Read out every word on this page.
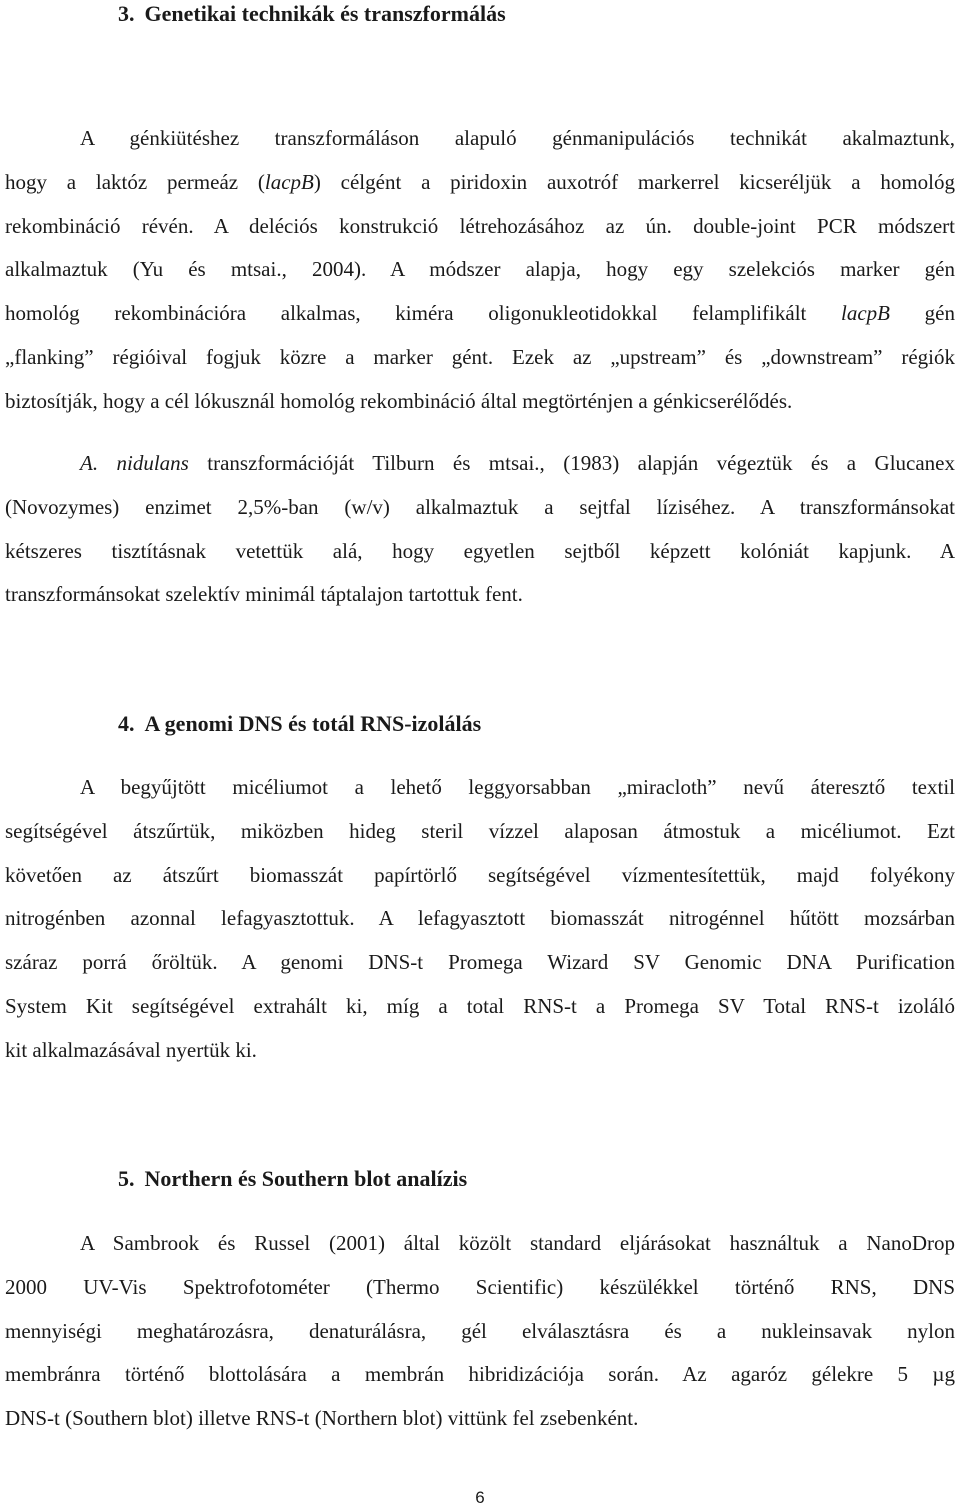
3. Genetikai technikák és transzformálás
A génkiütéshez transzformáláson alapuló génmanipulációs technikát akalmaztunk,
hogy a laktóz permeáz (lacpB) célgént a piridoxin auxotróf markerrel kicseréljük a homológ
rekombináció révén. A deléciós konstrukció létrehozásához az ún. double-joint PCR módszert
alkalmaztuk (Yu és mtsai., 2004). A módszer alapja, hogy egy szelekciós marker gén
homológ rekombinációra alkalmas, kiméra oligonukleotidokkal felamplifikált lacpB gén
„flanking” régióival fogjuk közre a marker gént. Ezek az „upstream” és „downstream” régiók
biztosítják, hogy a cél lókusznál homológ rekombináció által megtörténjen a génkicserélődés.
A. nidulans transzformációját Tilburn és mtsai., (1983) alapján végeztük és a Glucanex
(Novozymes) enzimet 2,5%-ban (w/v) alkalmaztuk a sejtfal líziséhez. A transzformánsokat
kétszeres tisztításnak vetettük alá, hogy egyetlen sejtből képzett kolóniát kapjunk. A
transzformánsokat szelektív minimál táptalajon tartottuk fent.
4. A genomi DNS és totál RNS-izolálás
A begyűjtött micéliumot a lehető leggyorsabban „miracloth” nevű áteresztő textil
segítségével átszűrtük, miközben hideg steril vízzel alaposan átmostuk a micéliumot. Ezt
követően az átszűrt biomasszát papírtörlő segítségével vízmentesítettük, majd folyékony
nitrogénben azonnal lefagyasztottuk. A lefagyasztott biomasszát nitrogénnel hűtött mozsárban
száraz porrá őröltük. A genomi DNS-t Promega Wizard SV Genomic DNA Purification
System Kit segítségével extrahált ki, míg a total RNS-t a Promega SV Total RNS-t izoláló
kit alkalmazásával nyertük ki.
5. Northern és Southern blot analízis
A Sambrook és Russel (2001) által közölt standard eljárásokat használtuk a NanoDrop
2000 UV-Vis Spektrofotométer (Thermo Scientific) készülékkel történő RNS, DNS
mennyiségi meghatározásra, denaturálásra, gél elválasztásra és a nukleinsavak nylon
membránra történő blottolására a membrán hibridizációja során. Az agaróz gélekre 5 µg
DNS-t (Southern blot) illetve RNS-t (Northern blot) vittünk fel zsebenként.
6
